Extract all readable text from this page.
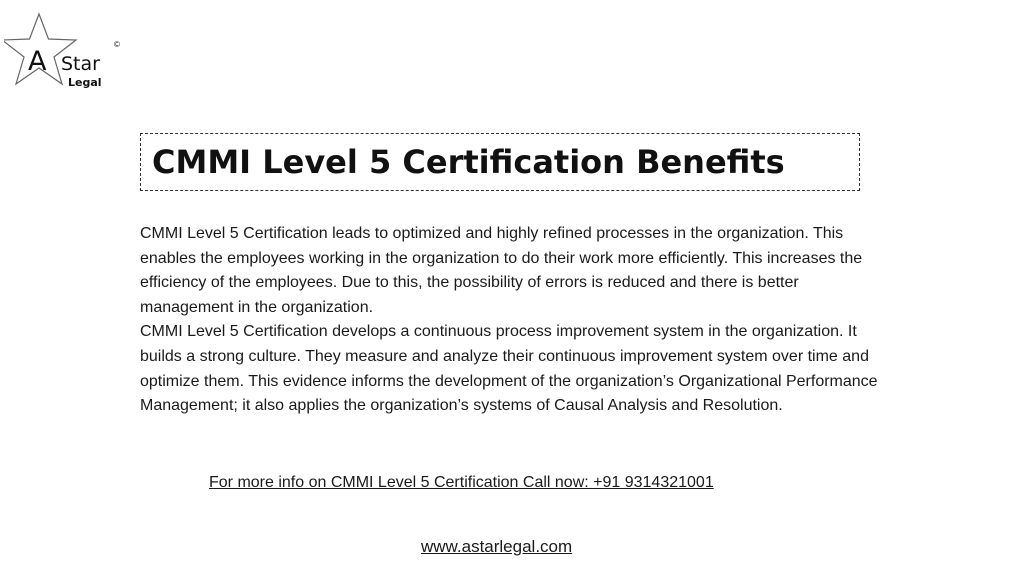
A Star
Legal
©
CMMI Level 5 Certification Benefits

CMMI Level 5 Certification leads to optimized and highly refined processes in the organization. This enables the employees working in the organization to do their work more efficiently. This increases the efficiency of the employees. Due to this, the possibility of errors is reduced and there is better management in the organization.

CMMI Level 5 Certification develops a continuous process improvement system in the organization. It builds a strong culture. They measure and analyze their continuous improvement system over time and optimize them. This evidence informs the development of the organization’s Organizational Performance Management; it also applies the organization’s systems of Causal Analysis and Resolution.

For more info on CMMI Level 5 Certification Call now: +91 9314321001
www.astarlegal.com
